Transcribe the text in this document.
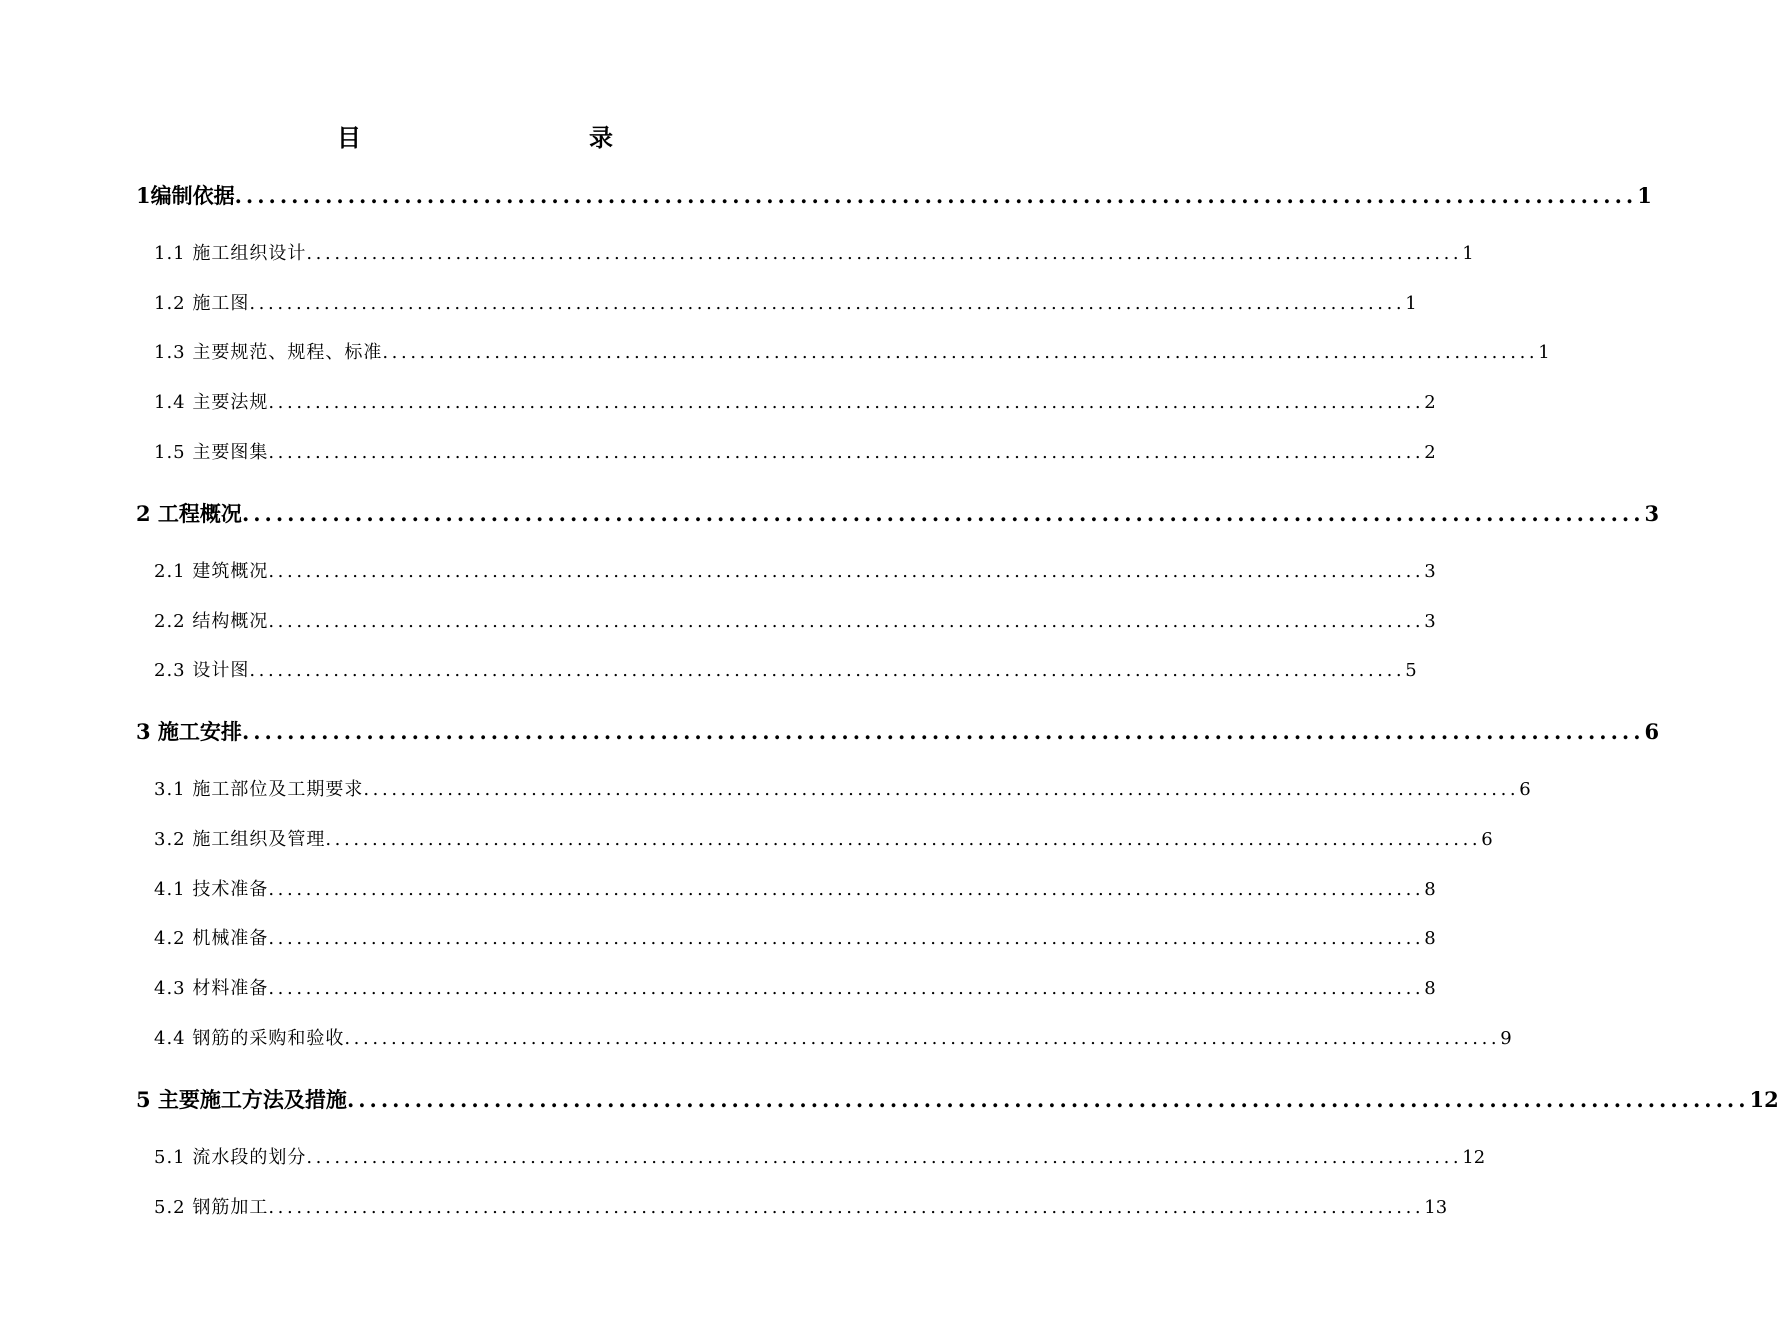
目　　录
1编制依据 ............................................................................................................................ 1
1.1 施工组织设计 ............................................................................................................................ 1
1.2 施工图 ............................................................................................................................ 1
1.3 主要规范、规程、标准 ............................................................................................................................ 1
1.4 主要法规 ............................................................................................................................ 2
1.5 主要图集 ............................................................................................................................ 2
2 工程概况 ............................................................................................................................ 3
2.1 建筑概况 ............................................................................................................................ 3
2.2 结构概况 ............................................................................................................................ 3
2.3 设计图 ............................................................................................................................ 5
3 施工安排 ............................................................................................................................ 6
3.1 施工部位及工期要求 ............................................................................................................................ 6
3.2 施工组织及管理 ............................................................................................................................ 6
4.1 技术准备 ............................................................................................................................ 8
4.2 机械准备 ............................................................................................................................ 8
4.3 材料准备 ............................................................................................................................ 8
4.4 钢筋的采购和验收 ............................................................................................................................ 9
5 主要施工方法及措施 ............................................................................................................................ 12
5.1 流水段的划分 ............................................................................................................................ 12
5.2 钢筋加工 ............................................................................................................................ 13
